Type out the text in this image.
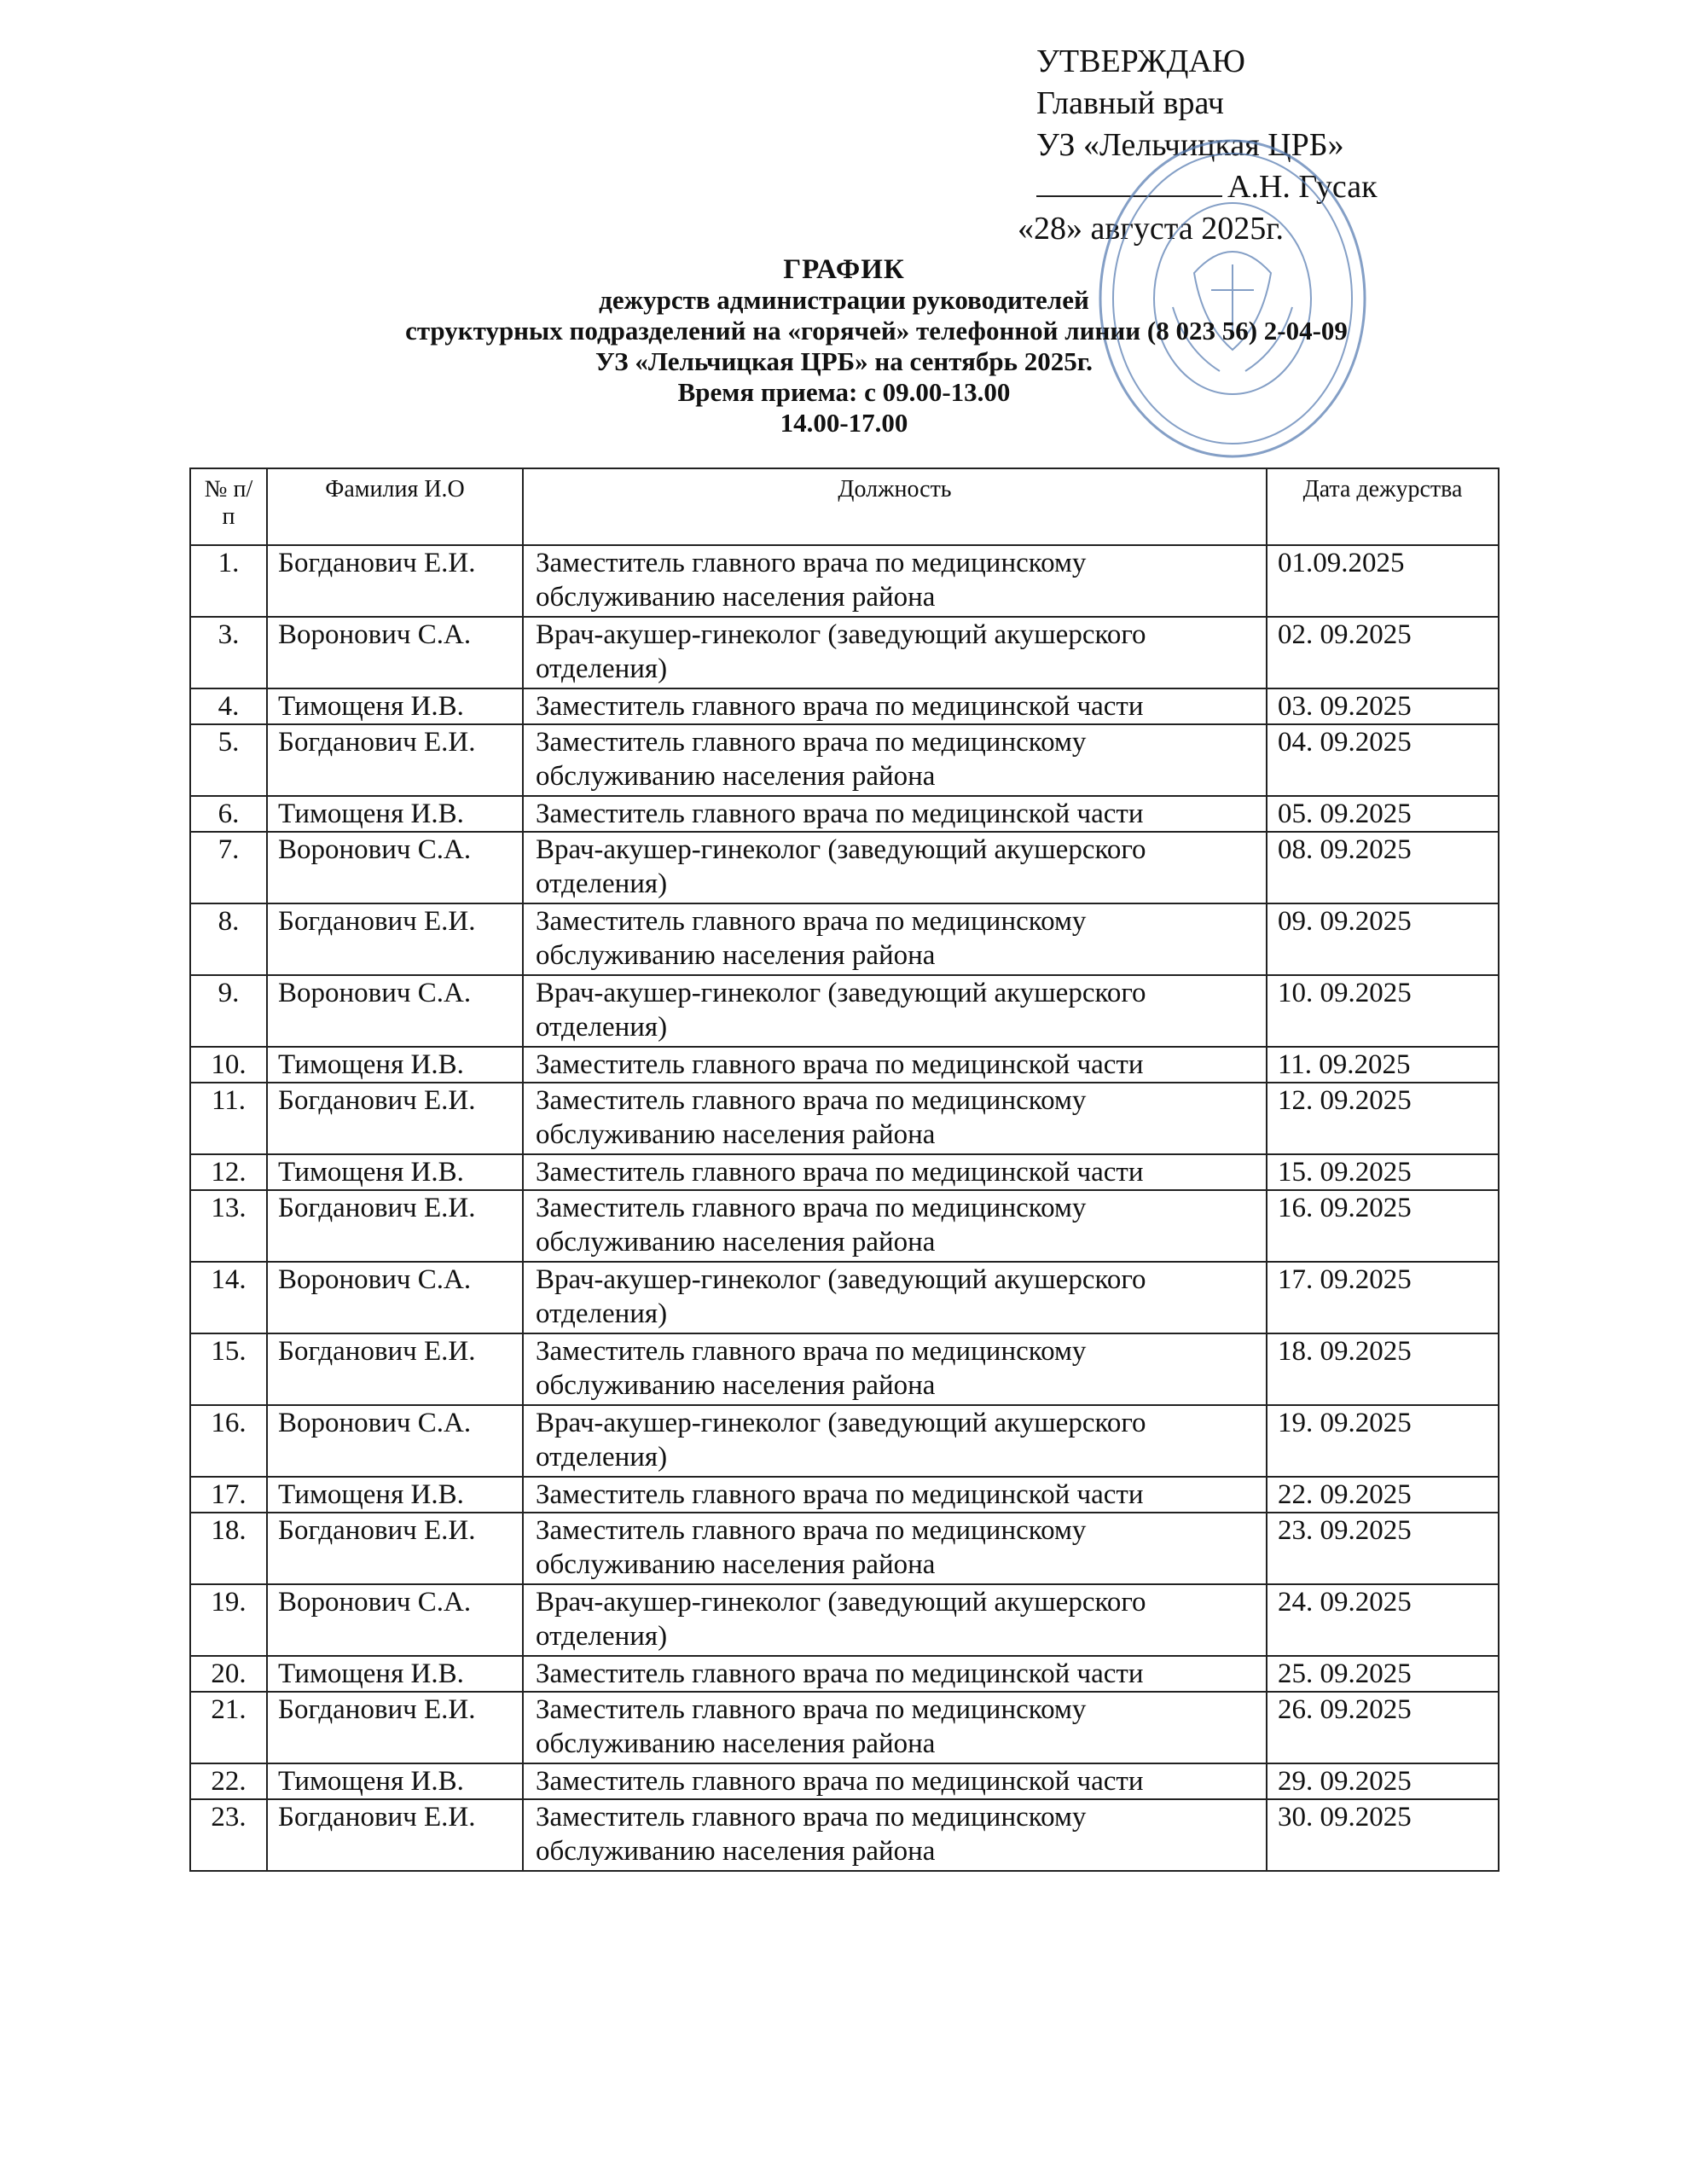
УТВЕРЖДАЮ
Главный врач
УЗ «Лельчицкая ЦРБ»
А.Н. Гусак
«28» августа 2025г.
ГРАФИК
дежурств администрации руководителей
структурных подразделений на «горячей» телефонной линии (8 023 56) 2-04-09
УЗ «Лельчицкая ЦРБ» на сентябрь 2025г.
Время приема: с 09.00-13.00
14.00-17.00
№ п/п	Фамилия И.О	Должность	Дата дежурства
1.	Богданович Е.И.	Заместитель главного врача по медицинскому обслуживанию населения района	01.09.2025
3.	Воронович С.А.	Врач-акушер-гинеколог (заведующий акушерского отделения)	02. 09.2025
4.	Тимощеня И.В.	Заместитель главного врача по медицинской части	03. 09.2025
5.	Богданович Е.И.	Заместитель главного врача по медицинскому обслуживанию населения района	04. 09.2025
6.	Тимощеня И.В.	Заместитель главного врача по медицинской части	05. 09.2025
7.	Воронович С.А.	Врач-акушер-гинеколог (заведующий акушерского отделения)	08. 09.2025
8.	Богданович Е.И.	Заместитель главного врача по медицинскому обслуживанию населения района	09. 09.2025
9.	Воронович С.А.	Врач-акушер-гинеколог (заведующий акушерского отделения)	10. 09.2025
10.	Тимощеня И.В.	Заместитель главного врача по медицинской части	11. 09.2025
11.	Богданович Е.И.	Заместитель главного врача по медицинскому обслуживанию населения района	12. 09.2025
12.	Тимощеня И.В.	Заместитель главного врача по медицинской части	15. 09.2025
13.	Богданович Е.И.	Заместитель главного врача по медицинскому обслуживанию населения района	16. 09.2025
14.	Воронович С.А.	Врач-акушер-гинеколог (заведующий акушерского отделения)	17. 09.2025
15.	Богданович Е.И.	Заместитель главного врача по медицинскому обслуживанию населения района	18. 09.2025
16.	Воронович С.А.	Врач-акушер-гинеколог (заведующий акушерского отделения)	19. 09.2025
17.	Тимощеня И.В.	Заместитель главного врача по медицинской части	22. 09.2025
18.	Богданович Е.И.	Заместитель главного врача по медицинскому обслуживанию населения района	23. 09.2025
19.	Воронович С.А.	Врач-акушер-гинеколог (заведующий акушерского отделения)	24. 09.2025
20.	Тимощеня И.В.	Заместитель главного врача по медицинской части	25. 09.2025
21.	Богданович Е.И.	Заместитель главного врача по медицинскому обслуживанию населения района	26. 09.2025
22.	Тимощеня И.В.	Заместитель главного врача по медицинской части	29. 09.2025
23.	Богданович Е.И.	Заместитель главного врача по медицинскому обслуживанию населения района	30. 09.2025
